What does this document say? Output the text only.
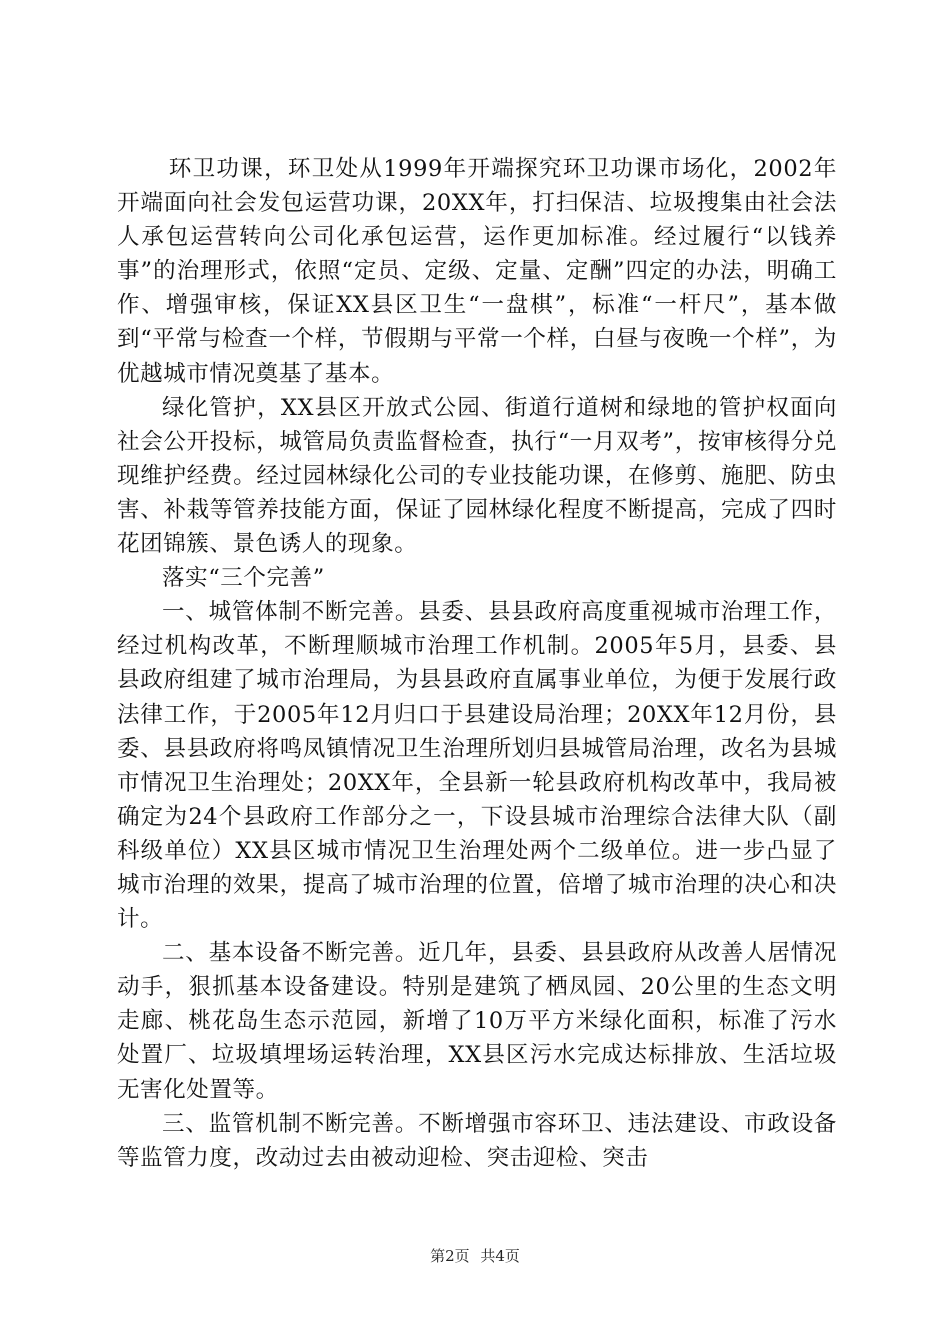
环卫功课，环卫处从1999年开端探究环卫功课市场化，2002年开端面向社会发包运营功课，20XX年，打扫保洁、垃圾搜集由社会法人承包运营转向公司化承包运营，运作更加标准。经过履行“以钱养事”的治理形式，依照“定员、定级、定量、定酬”四定的办法，明确工作、增强审核，保证XX县区卫生“一盘棋”，标准“一杆尺”，基本做到“平常与检查一个样，节假期与平常一个样，白昼与夜晚一个样”，为优越城市情况奠基了基本。

绿化管护，XX县区开放式公园、街道行道树和绿地的管护权面向社会公开投标，城管局负责监督检查，执行“一月双考”，按审核得分兑现维护经费。经过园林绿化公司的专业技能功课，在修剪、施肥、防虫害、补栽等管养技能方面，保证了园林绿化程度不断提高，完成了四时花团锦簇、景色诱人的现象。

落实“三个完善”

一、城管体制不断完善。县委、县县政府高度重视城市治理工作，经过机构改革，不断理顺城市治理工作机制。2005年5月，县委、县县政府组建了城市治理局，为县县政府直属事业单位，为便于发展行政法律工作，于2005年12月归口于县建设局治理；20XX年12月份，县委、县县政府将鸣凤镇情况卫生治理所划归县城管局治理，改名为县城市情况卫生治理处；20XX年，全县新一轮县政府机构改革中，我局被确定为24个县政府工作部分之一，下设县城市治理综合法律大队（副科级单位）XX县区城市情况卫生治理处两个二级单位。进一步凸显了城市治理的效果，提高了城市治理的位置，倍增了城市治理的决心和决计。

二、基本设备不断完善。近几年，县委、县县政府从改善人居情况动手，狠抓基本设备建设。特别是建筑了栖凤园、20公里的生态文明走廊、桃花岛生态示范园，新增了10万平方米绿化面积，标准了污水处置厂、垃圾填埋场运转治理，XX县区污水完成达标排放、生活垃圾无害化处置等。

三、监管机制不断完善。不断增强市容环卫、违法建设、市政设备等监管力度，改动过去由被动迎检、突击迎检、突击

第2页 共4页
